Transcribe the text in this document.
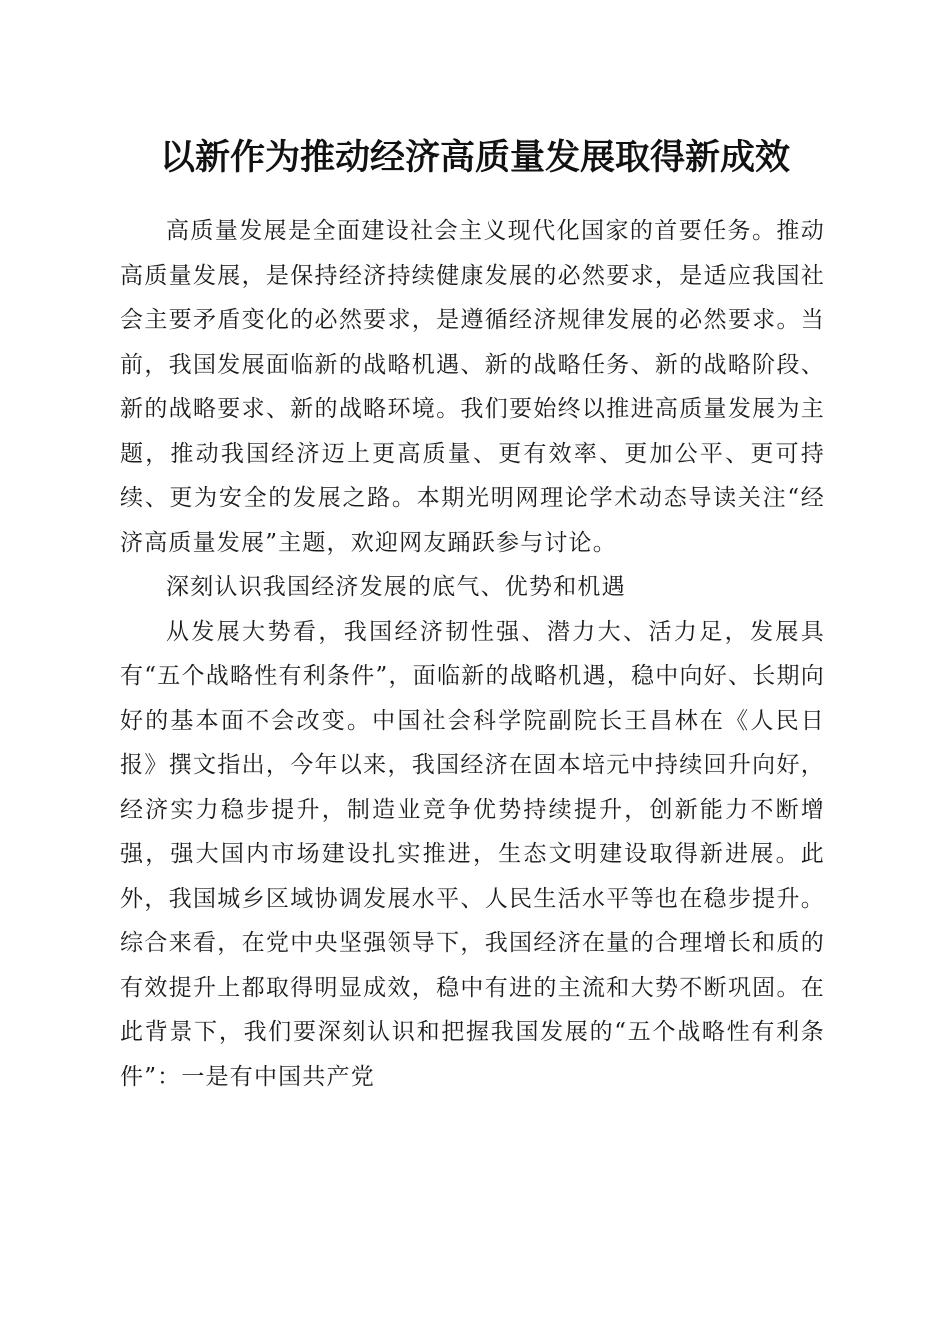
以新作为推动经济高质量发展取得新成效

高质量发展是全面建设社会主义现代化国家的首要任务。推动高质量发展，是保持经济持续健康发展的必然要求，是适应我国社会主要矛盾变化的必然要求，是遵循经济规律发展的必然要求。当前，我国发展面临新的战略机遇、新的战略任务、新的战略阶段、新的战略要求、新的战略环境。我们要始终以推进高质量发展为主题，推动我国经济迈上更高质量、更有效率、更加公平、更可持续、更为安全的发展之路。本期光明网理论学术动态导读关注“经济高质量发展”主题，欢迎网友踊跃参与讨论。

深刻认识我国经济发展的底气、优势和机遇

从发展大势看，我国经济韧性强、潜力大、活力足，发展具有“五个战略性有利条件”，面临新的战略机遇，稳中向好、长期向好的基本面不会改变。中国社会科学院副院长王昌林在《人民日报》撰文指出，今年以来，我国经济在固本培元中持续回升向好，经济实力稳步提升，制造业竞争优势持续提升，创新能力不断增强，强大国内市场建设扎实推进，生态文明建设取得新进展。此外，我国城乡区域协调发展水平、人民生活水平等也在稳步提升。综合来看，在党中央坚强领导下，我国经济在量的合理增长和质的有效提升上都取得明显成效，稳中有进的主流和大势不断巩固。在此背景下，我们要深刻认识和把握我国发展的“五个战略性有利条件”：一是有中国共产党
